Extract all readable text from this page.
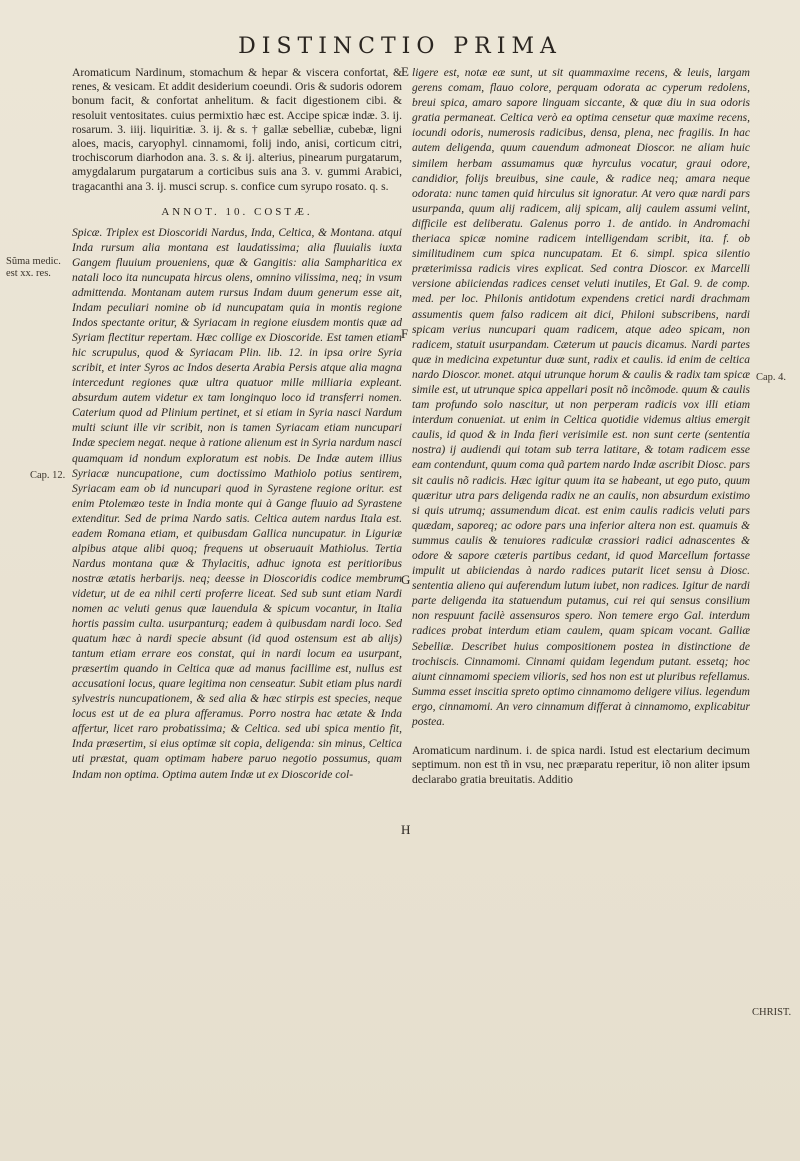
DISTINCTIO PRIMA

Aromaticum Nardinum, stomachum & hepar & viscera confortat, & renes, & vesicam. Et addit desiderium coeundi. Oris & sudoris odorem bonum facit, & confortat anhelitum. & facit digestionem cibi. & resoluit ventositates. cuius permixtio hæc est. Accipe spicæ indæ. 3. ij. rosarum. 3. iiij. liquiritiæ. 3. ij. & s. † gallæ sebelliæ, cubebæ, ligni aloes, macis, caryophyl. cinnamomi, folij indo, anisi, corticum citri, trochiscorum diarhodon ana. 3. s. & ij. alterius, pinearum purgatarum, amygdalarum purgatarum a corticibus suis ana 3. v. gummi Arabici, tragacanthi ana 3. ij. musci scrup. s. confice cum syrupo rosato. q. s.

ANNOT. 10. COSTÆ.

Spicæ. Triplex est Dioscoridi Nardus, Inda, Celtica, & Montana. atqui Inda rursum alia montana est laudatissima; alia fluuialis iuxta Gangem fluuium proueniens, quæ & Gangitis: alia Sampharitica ex natali loco ita nuncupata hircus olens, omnino vilissima, neq; in vsum admittenda. Montanam autem rursus Indam duum generum esse ait, Indam peculiari nomine ob id nuncupatam quia in montis regione Indos spectante oritur, & Syriacam in regione eiusdem montis quæ ad Syriam flectitur repertam. Hæc collige ex Dioscoride. Est tamen etiam hic scrupulus, quod & Syriacam Plin. lib. 12. in ipsa orire Syria scribit, et inter Syros ac Indos deserta Arabia Persis atque alia magna intercedunt regiones quæ ultra quatuor mille milliaria expleant. absurdum autem videtur ex tam longinquo loco id transferri nomen. Caterium quod ad Plinium pertinet, et si etiam in Syria nasci Nardum multi sciunt ille vir scribit, non is tamen Syriacam etiam nuncupari Indæ speciem negat. neque à ratione alienum est in Syria nardum nasci quamquam id nondum exploratum est nobis. De Indæ autem illius Syriacæ nuncupatione, cum doctissimo Mathiolo potius sentirem, Syriacam eam ob id nuncupari quod in Syrastene regione oritur. est enim Ptolemæo teste in India monte qui à Gange fluuio ad Syrastene extenditur. Sed de prima Nardo satis. Celtica autem nardus Itala est. eadem Romana etiam, et quibusdam Gallica nuncupatur. in Liguriæ alpibus atque alibi quoq; frequens ut obseruauit Mathiolus. Tertia Nardus montana quæ & Thylacitis, adhuc ignota est peritioribus nostræ ætatis herbarijs. neq; deesse in Dioscoridis codice membrum videtur, ut de ea nihil certi proferre liceat. Sed sub sunt etiam Nardi nomen ac veluti genus quæ lauendula & spicum vocantur, in Italia hortis passim culta. usurpanturq; eadem à quibusdam nardi loco. Sed quatum hæc à nardi specie absunt (id quod ostensum est ab alijs) tantum etiam errare eos constat, qui in nardi locum ea usurpant, præsertim quando in Celtica quæ ad manus facillime est, nullus est accusationi locus, quare legitima non censeatur. Subit etiam plus nardi sylvestris nuncupationem, & sed alia & hæc stirpis est species, neque locus est ut de ea plura afferamus. Porro nostra hac ætate & Inda affertur, licet raro probatissima; & Celtica. sed ubi spica mentio fit, Inda præsertim, si eius optimæ sit copia, deligenda: sin minus, Celtica uti præstat, quam optimam habere paruo negotio possumus, quam Indam non optima. Optima autem Indæ ut ex Dioscoride col-

ligere est, notæ eæ sunt, ut sit quammaxime recens, & leuis, largam gerens comam, flauo colore, perquam odorata ac cyperum redolens, breui spica, amaro sapore linguam siccante, & quæ diu in sua odoris gratia permaneat. Celtica verò ea optima censetur quæ maxime recens, iocundi odoris, numerosis radicibus, densa, plena, nec fragilis. In hac autem deligenda, quum cauendum admoneat Dioscor. ne aliam huic similem herbam assumamus quæ hyrculus vocatur, graui odore, candidior, folijs breuibus, sine caule, & radice neq; amara neque odorata: nunc tamen quid hirculus sit ignoratur. At vero quæ nardi pars usurpanda, quum alij radicem, alij spicam, alij caulem assumi velint, difficile est deliberatu. Galenus porro 1. de antido. in Andromachi theriaca spicæ nomine radicem intelligendam scribit, ita. f. ob similitudinem cum spica nuncupatam. Et 6. simpl. spica silentio præterimissa radicis vires explicat. Sed contra Dioscor. ex Marcelli versione abiiciendas radices censet veluti inutiles, Et Gal. 9. de comp. med. per loc. Philonis antidotum expendens cretici nardi drachmam assumentis quem falso radicem ait dici, Philoni subscribens, nardi spicam verius nuncupari quam radicem, atque adeo spicam, non radicem, statuit usurpandam. Cæterum ut paucis dicamus. Nardi partes quæ in medicina expetuntur duæ sunt, radix et caulis. id enim de celtica nardo Dioscor. monet. atqui utrunque horum & caulis & radix tam spicæ simile est, ut utrunque spica appellari posit nõ incõmode. quum & caulis tam profundo solo nascitur, ut non perperam radicis vox illi etiam interdum conueniat. ut enim in Celtica quotidie videmus altius emergit caulis, id quod & in Inda fieri verisimile est. non sunt certe (sententia nostra) ij audiendi qui totam sub terra latitare, & totam radicem esse eam contendunt, quum coma quã partem nardo Indæ ascribit Diosc. pars sit caulis nõ radicis. Hæc igitur quum ita se habeant, ut ego puto, quum quæritur utra pars deligenda radix ne an caulis, non absurdum existimo si quis utrumq; assumendum dicat. est enim caulis radicis veluti pars quædam, saporeq; ac odore pars una inferior altera non est. quamuis & summus caulis & tenuiores radiculæ crassiori radici adnascentes & odore & sapore cæteris partibus cedant, id quod Marcellum fortasse impulit ut abiiciendas à nardo radices putarit licet sensu à Diosc. sententia alieno qui auferendum lutum iubet, non radices. Igitur de nardi parte deligenda ita statuendum putamus, cui rei qui sensus consilium non respuunt facilè assensuros spero. Non temere ergo Gal. interdum radices probat interdum etiam caulem, quam spicam vocant. Galliæ Sebelliæ. Describet huius compositionem postea in distinctione de trochiscis. Cinnamomi. Cinnami quidam legendum putant. essetq; hoc aiunt cinnamomi speciem vilioris, sed hos non est ut pluribus refellamus. Summa esset inscitia spreto optimo cinnamomo deligere vilius. legendum ergo, cinnamomi. An vero cinnamum differat à cinnamomo, explicabitur postea.

Aromaticum nardinum. i. de spica nardi. Istud est electarium decimum septimum. non est tñ in vsu, nec præparatu reperitur, iõ non aliter ipsum declarabo gratia breuitatis. Additio

Sũma medic. est xx. res.
Cap. 12.
Cap. 4.
CHRIST.
E
F
G
H
